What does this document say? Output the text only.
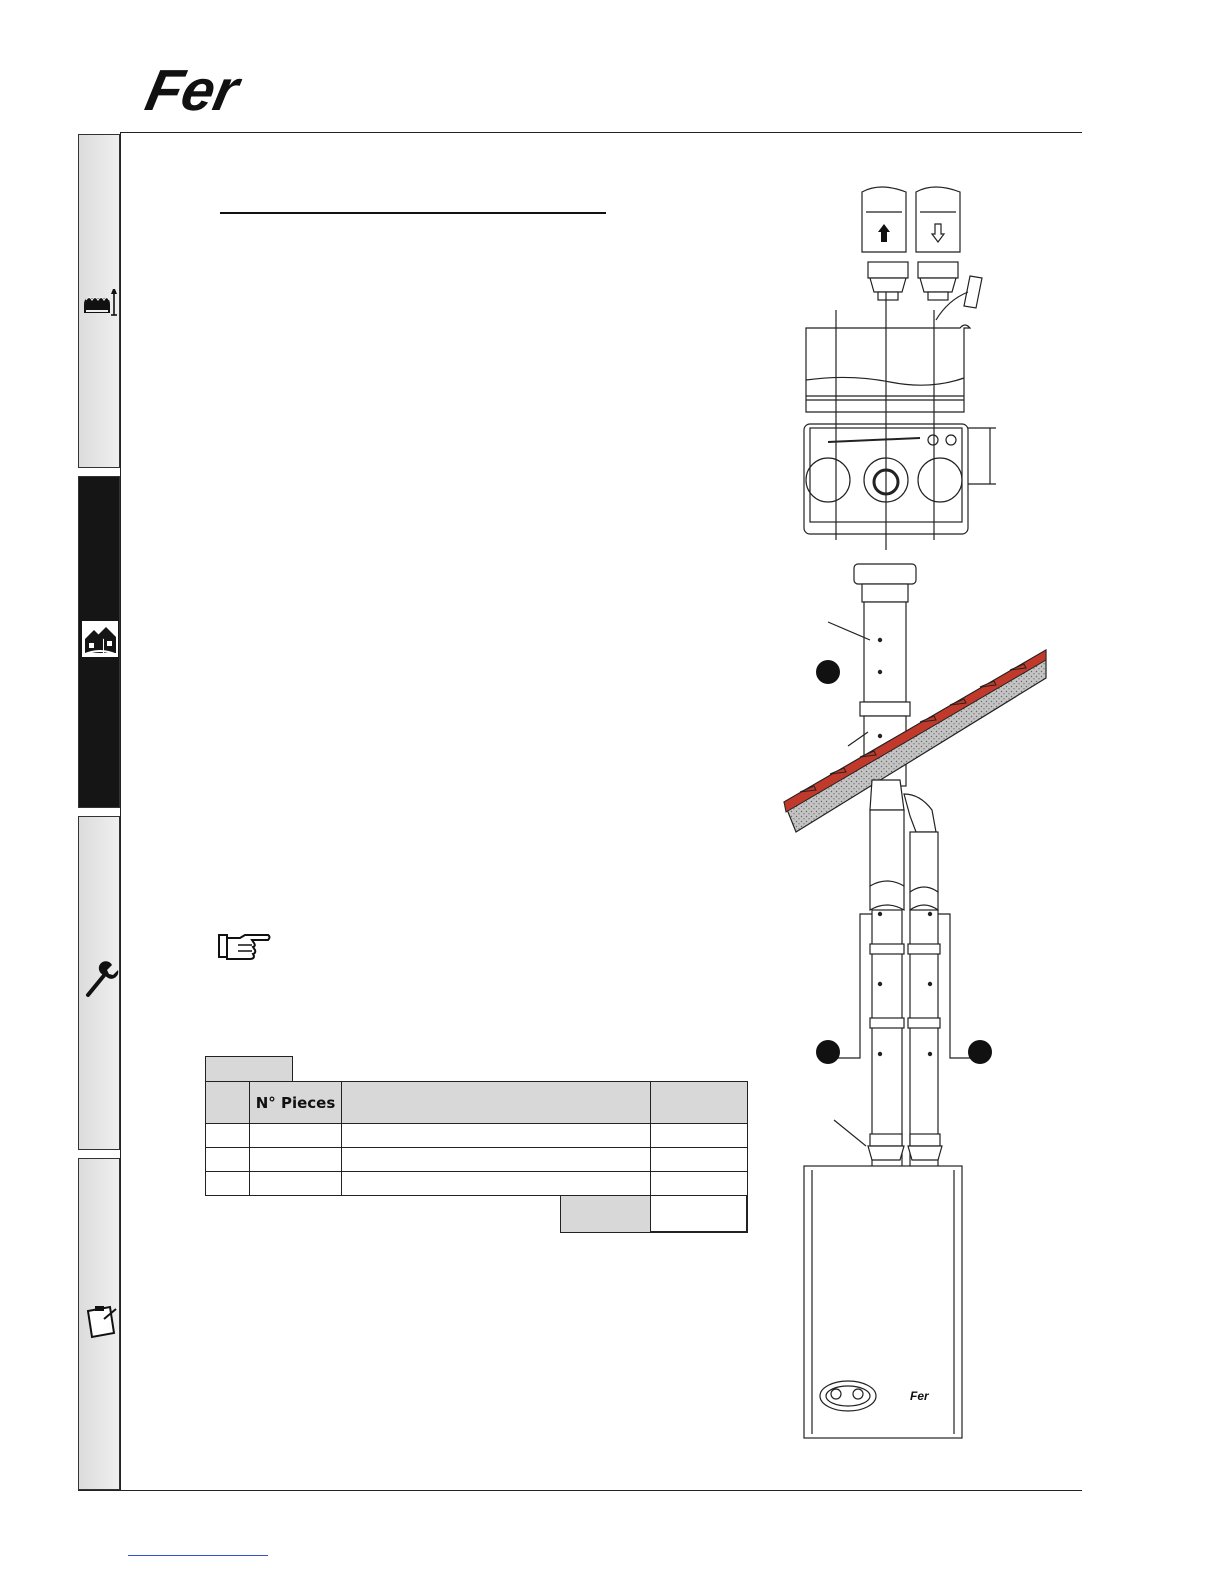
Fer
N° Pieces
Fer
